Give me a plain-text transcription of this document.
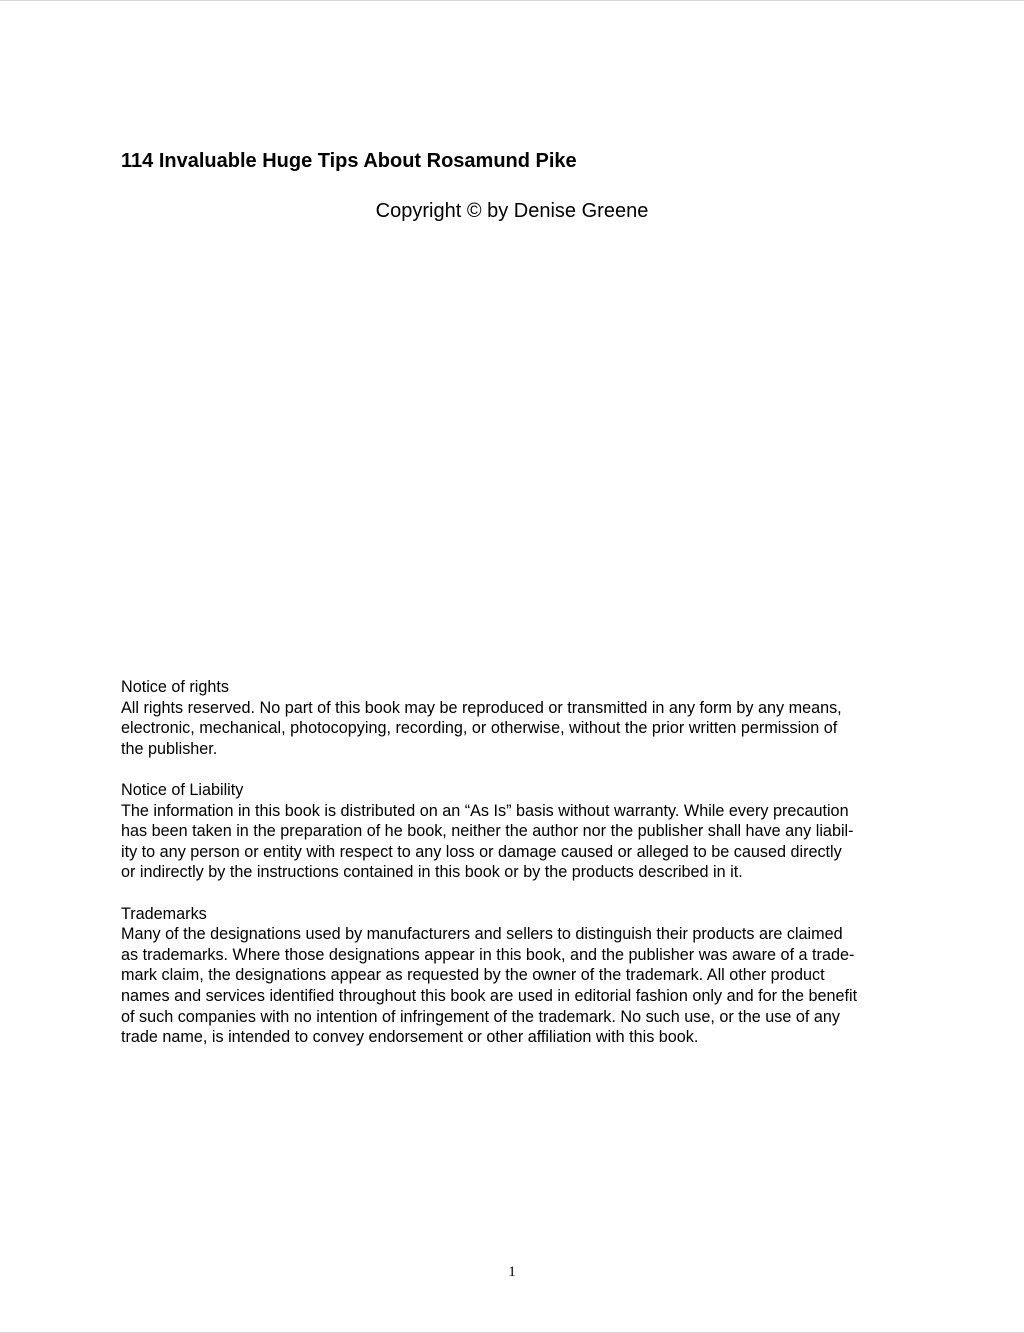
114 Invaluable Huge Tips About Rosamund Pike
Copyright © by Denise Greene
Notice of rights

All rights reserved. No part of this book may be reproduced or transmitted in any form by any means,
electronic, mechanical, photocopying, recording, or otherwise, without the prior written permission of
the publisher.

Notice of Liability

The information in this book is distributed on an “As Is” basis without warranty. While every precaution
has been taken in the preparation of he book, neither the author nor the publisher shall have any liabil-
ity to any person or entity with respect to any loss or damage caused or alleged to be caused directly
or indirectly by the instructions contained in this book or by the products described in it.

Trademarks

Many of the designations used by manufacturers and sellers to distinguish their products are claimed
as trademarks. Where those designations appear in this book, and the publisher was aware of a trade-
mark claim, the designations appear as requested by the owner of the trademark. All other product
names and services identified throughout this book are used in editorial fashion only and for the benefit
of such companies with no intention of infringement of the trademark. No such use, or the use of any
trade name, is intended to convey endorsement or other affiliation with this book.

1
